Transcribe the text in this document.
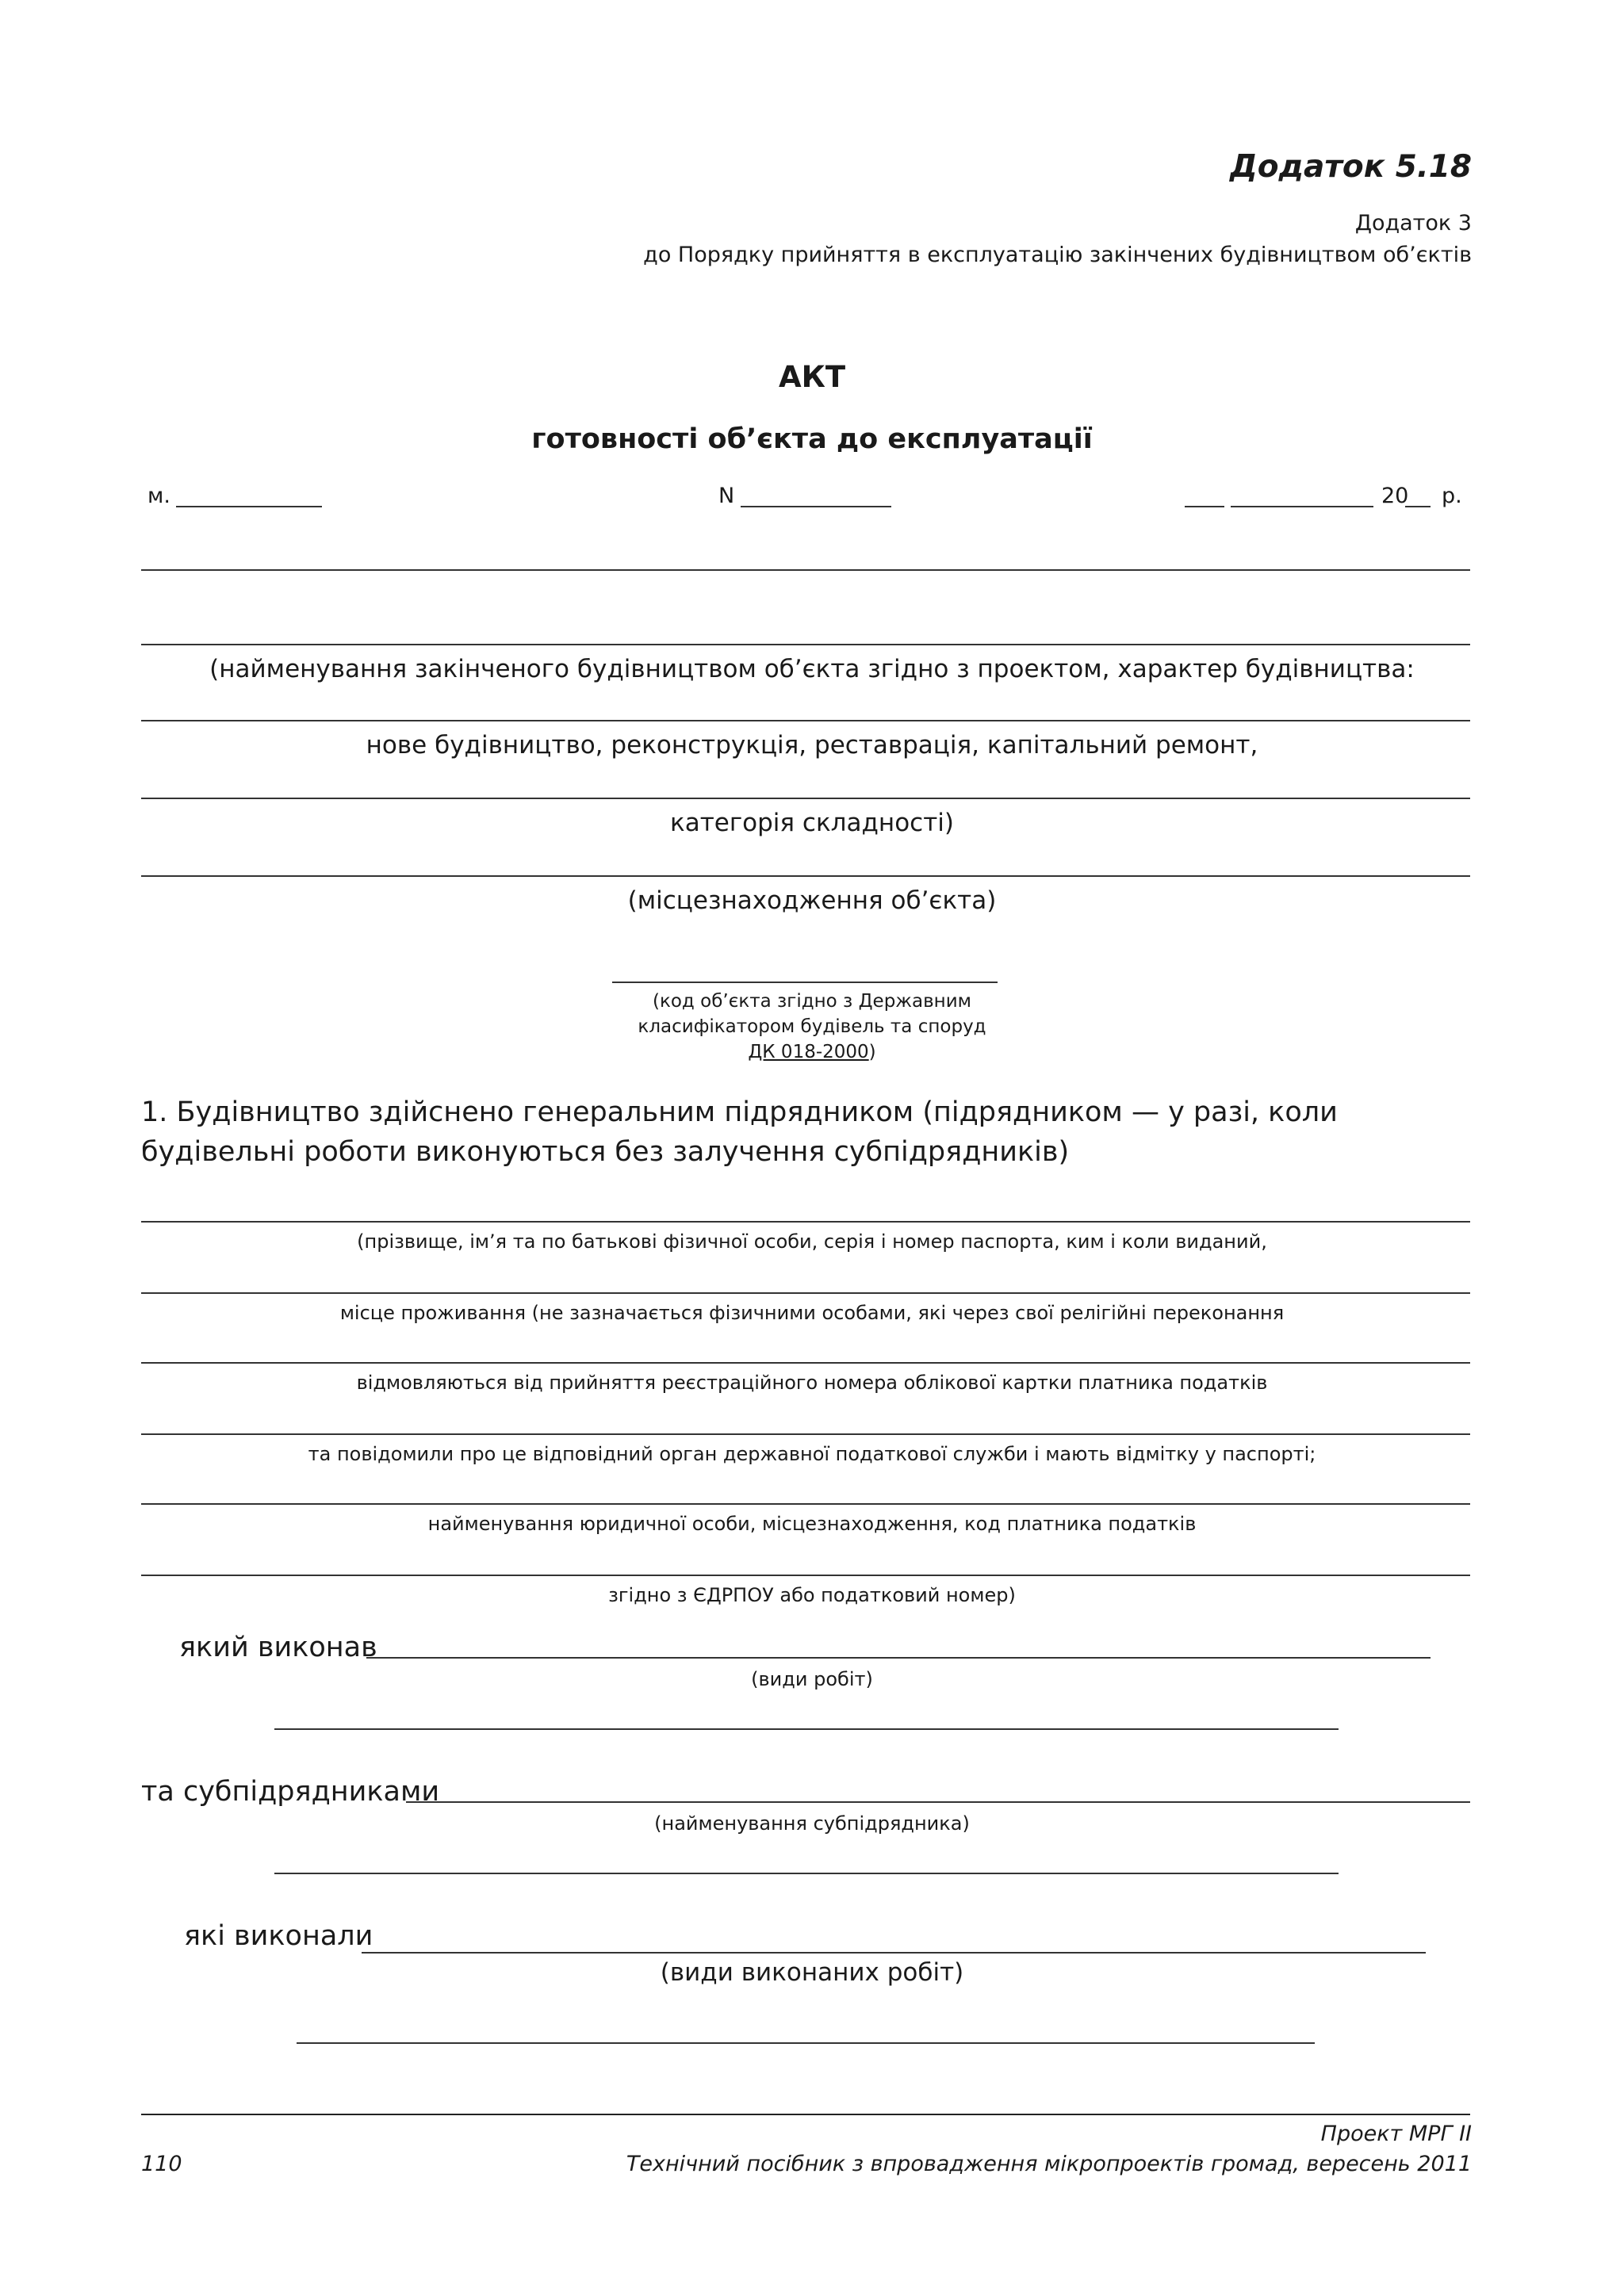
Додаток 5.18
Додаток 3
до Порядку прийняття в експлуатацію закінчених будівництвом об’єктів
АКТ
готовності об’єкта до експлуатації
м.	N	20 р.
(найменування закінченого будівництвом об’єкта згідно з проектом, характер будівництва:
нове будівництво, реконструкція, реставрація, капітальний ремонт,
категорія складності)
(місцезнаходження об’єкта)
(код об’єкта згідно з Державним
класифікатором будівель та споруд
ДК 018-2000)
1. Будівництво здійснено генеральним підрядником (підрядником — у разі, коли будівельні роботи виконуються без залучення субпідрядників)
(прізвище, ім’я та по батькові фізичної особи, серія і номер паспорта, ким і коли виданий,
місце проживання (не зазначається фізичними особами, які через свої релігійні переконання
відмовляються від прийняття реєстраційного номера облікової картки платника податків
та повідомили про це відповідний орган державної податкової служби і мають відмітку у паспорті;
найменування юридичної особи, місцезнаходження, код платника податків
згідно з ЄДРПОУ або податковий номер)
який виконав
(види робіт)
та субпідрядниками
(найменування субпідрядника)
які виконали
(види виконаних робіт)
Проект МРГ ІІ
Технічний посібник з впровадження мікропроектів громад, вересень 2011
110
